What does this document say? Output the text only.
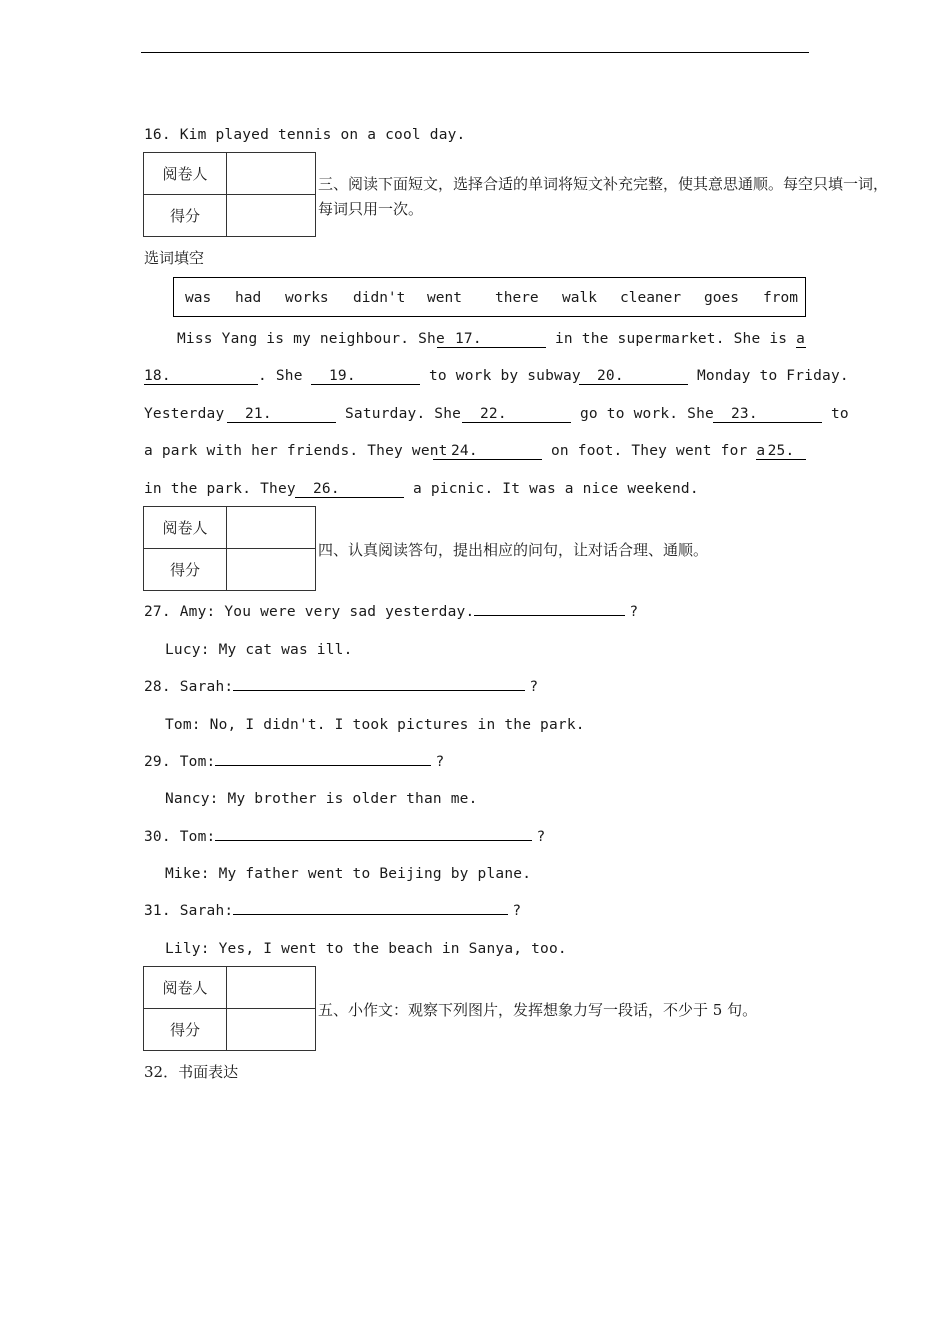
16. Kim played tennis on a cool day.
阅卷人	
得分	
三、阅读下面短文，选择合适的单词将短文补充完整，使其意思通顺。每空只填一词，
每词只用一次。
选词填空
was had works didn't went there walk cleaner goes from
Miss Yang is my neighbour. She 17.	in the supermarket. She is a
18.	. She	19.	to work by subway	20.	Monday to Friday.
Yesterday	21.	Saturday. She	22.	go to work. She	23.	to
a park with her friends. They went 24.	on foot. They went for a 25.
in the park. They	26.	a picnic. It was a nice weekend.
阅卷人	
得分	
四、认真阅读答句，提出相应的问句，让对话合理、通顺。
27. Amy: You were very sad yesterday.	?
Lucy: My cat was ill.
28. Sarah:	?
Tom: No, I didn't. I took pictures in the park.
29. Tom:	?
Nancy: My brother is older than me.
30. Tom:	?
Mike: My father went to Beijing by plane.
31. Sarah:	?
Lily: Yes, I went to the beach in Sanya, too.
阅卷人	
得分	
五、小作文：观察下列图片，发挥想象力写一段话，不少于 5 句。
32．书面表达
